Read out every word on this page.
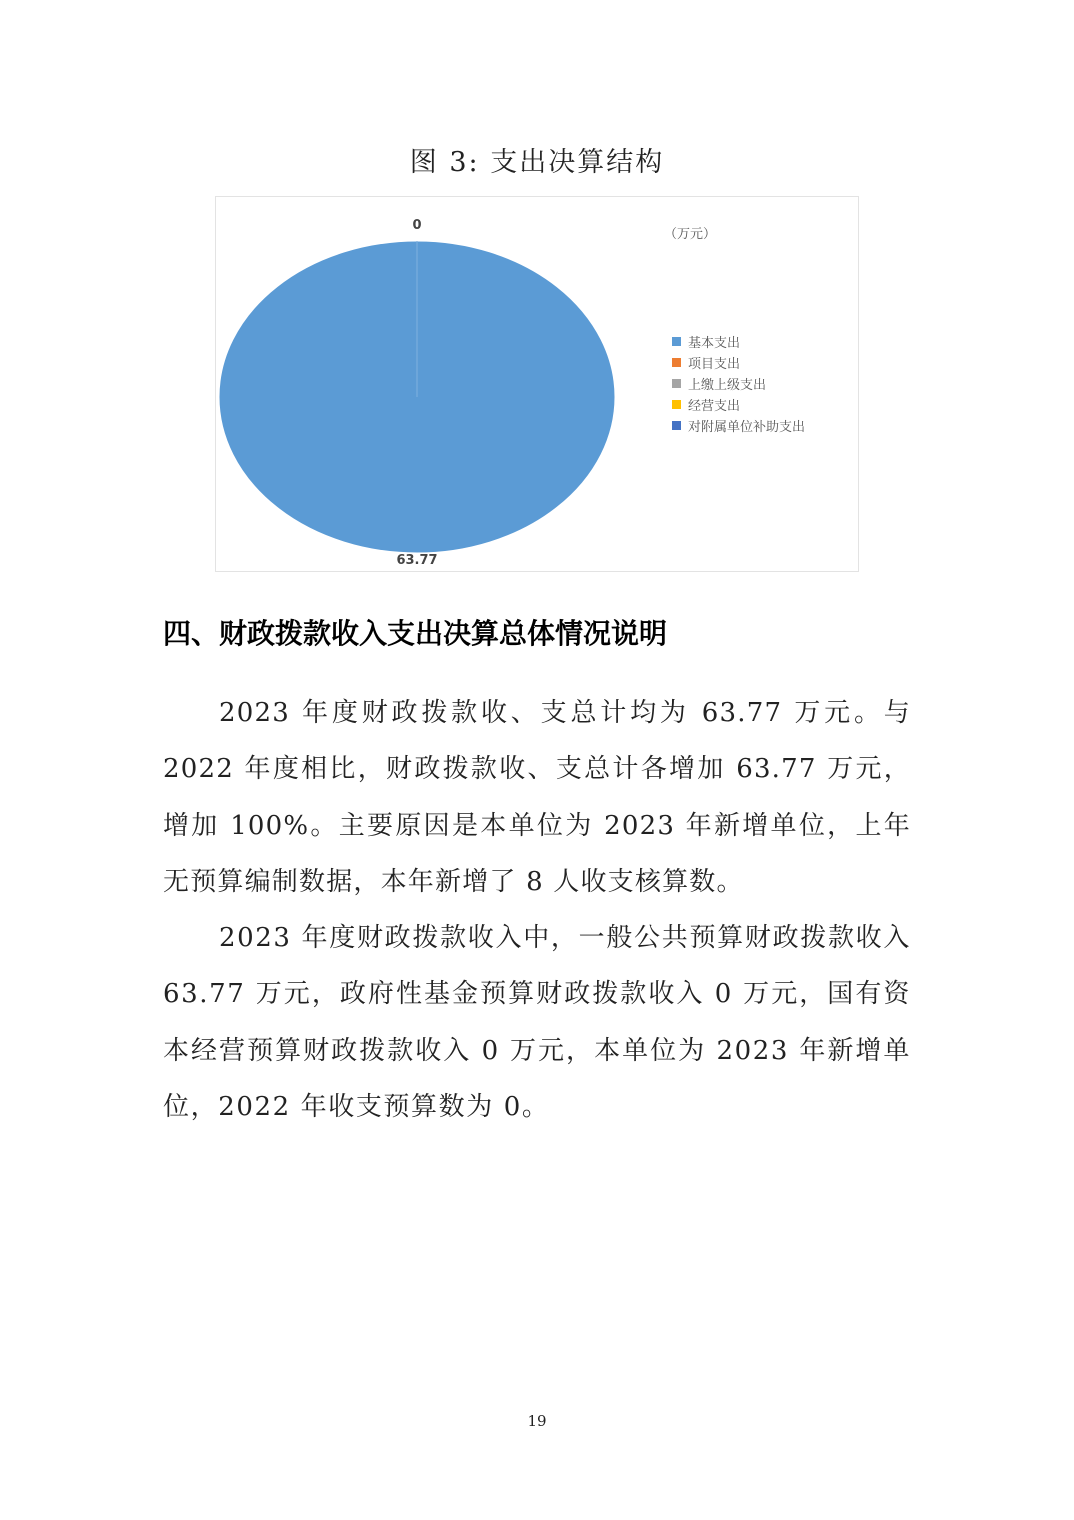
图 3: 支出决算结构
0
63.77
（万元）
基本支出
项目支出
上缴上级支出
经营支出
对附属单位补助支出
四、财政拨款收入支出决算总体情况说明

2023 年度财政拨款收、支总计均为 63.77 万元。与 2022 年度相比，财政拨款收、支总计各增加 63.77 万元，增加 100%。主要原因是本单位为 2023 年新增单位，上年无预算编制数据，本年新增了 8 人收支核算数。

2023 年度财政拨款收入中，一般公共预算财政拨款收入 63.77 万元，政府性基金预算财政拨款收入 0 万元，国有资本经营预算财政拨款收入 0 万元，本单位为 2023 年新增单位，2022 年收支预算数为 0。

19
